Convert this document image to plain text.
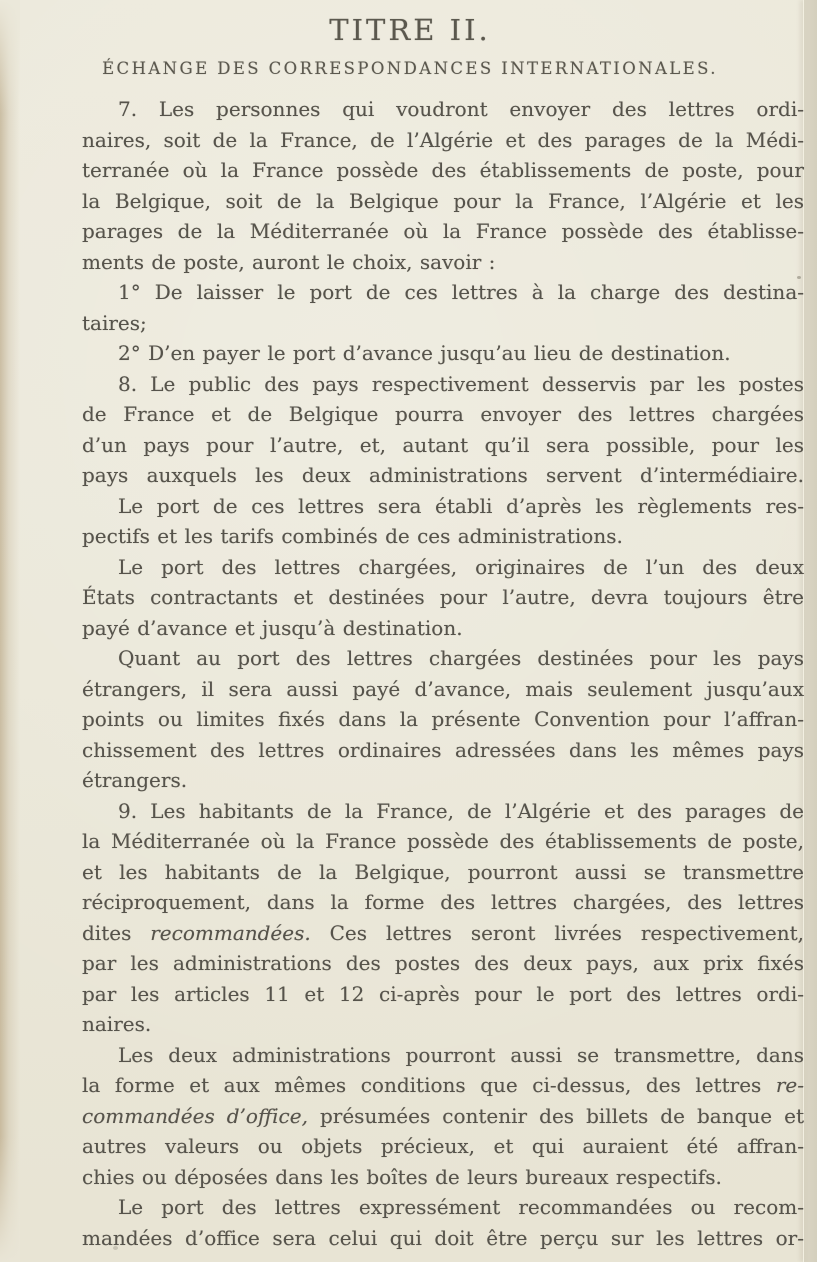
TITRE II.
ÉCHANGE DES CORRESPONDANCES INTERNATIONALES.
7. Les personnes qui voudront envoyer des lettres ordi-
naires, soit de la France, de l’Algérie et des parages de la Médi-
terranée où la France possède des établissements de poste, pour
la Belgique, soit de la Belgique pour la France, l’Algérie et les
parages de la Méditerranée où la France possède des établisse-
ments de poste, auront le choix, savoir :
1° De laisser le port de ces lettres à la charge des destina-
taires;
2° D’en payer le port d’avance jusqu’au lieu de destination.
8. Le public des pays respectivement desservis par les postes
de France et de Belgique pourra envoyer des lettres chargées
d’un pays pour l’autre, et, autant qu’il sera possible, pour les
pays auxquels les deux administrations servent d’intermédiaire.
Le port de ces lettres sera établi d’après les règlements res-
pectifs et les tarifs combinés de ces administrations.
Le port des lettres chargées, originaires de l’un des deux
États contractants et destinées pour l’autre, devra toujours être
payé d’avance et jusqu’à destination.
Quant au port des lettres chargées destinées pour les pays
étrangers, il sera aussi payé d’avance, mais seulement jusqu’aux
points ou limites fixés dans la présente Convention pour l’affran-
chissement des lettres ordinaires adressées dans les mêmes pays
étrangers.
9. Les habitants de la France, de l’Algérie et des parages de
la Méditerranée où la France possède des établissements de poste,
et les habitants de la Belgique, pourront aussi se transmettre
réciproquement, dans la forme des lettres chargées, des lettres
dites recommandées. Ces lettres seront livrées respectivement,
par les administrations des postes des deux pays, aux prix fixés
par les articles 11 et 12 ci-après pour le port des lettres ordi-
naires.
Les deux administrations pourront aussi se transmettre, dans
la forme et aux mêmes conditions que ci-dessus, des lettres re-
commandées d’office, présumées contenir des billets de banque et
autres valeurs ou objets précieux, et qui auraient été affran-
chies ou déposées dans les boîtes de leurs bureaux respectifs.
Le port des lettres expressément recommandées ou recom-
mandées d’office sera celui qui doit être perçu sur les lettres or-
